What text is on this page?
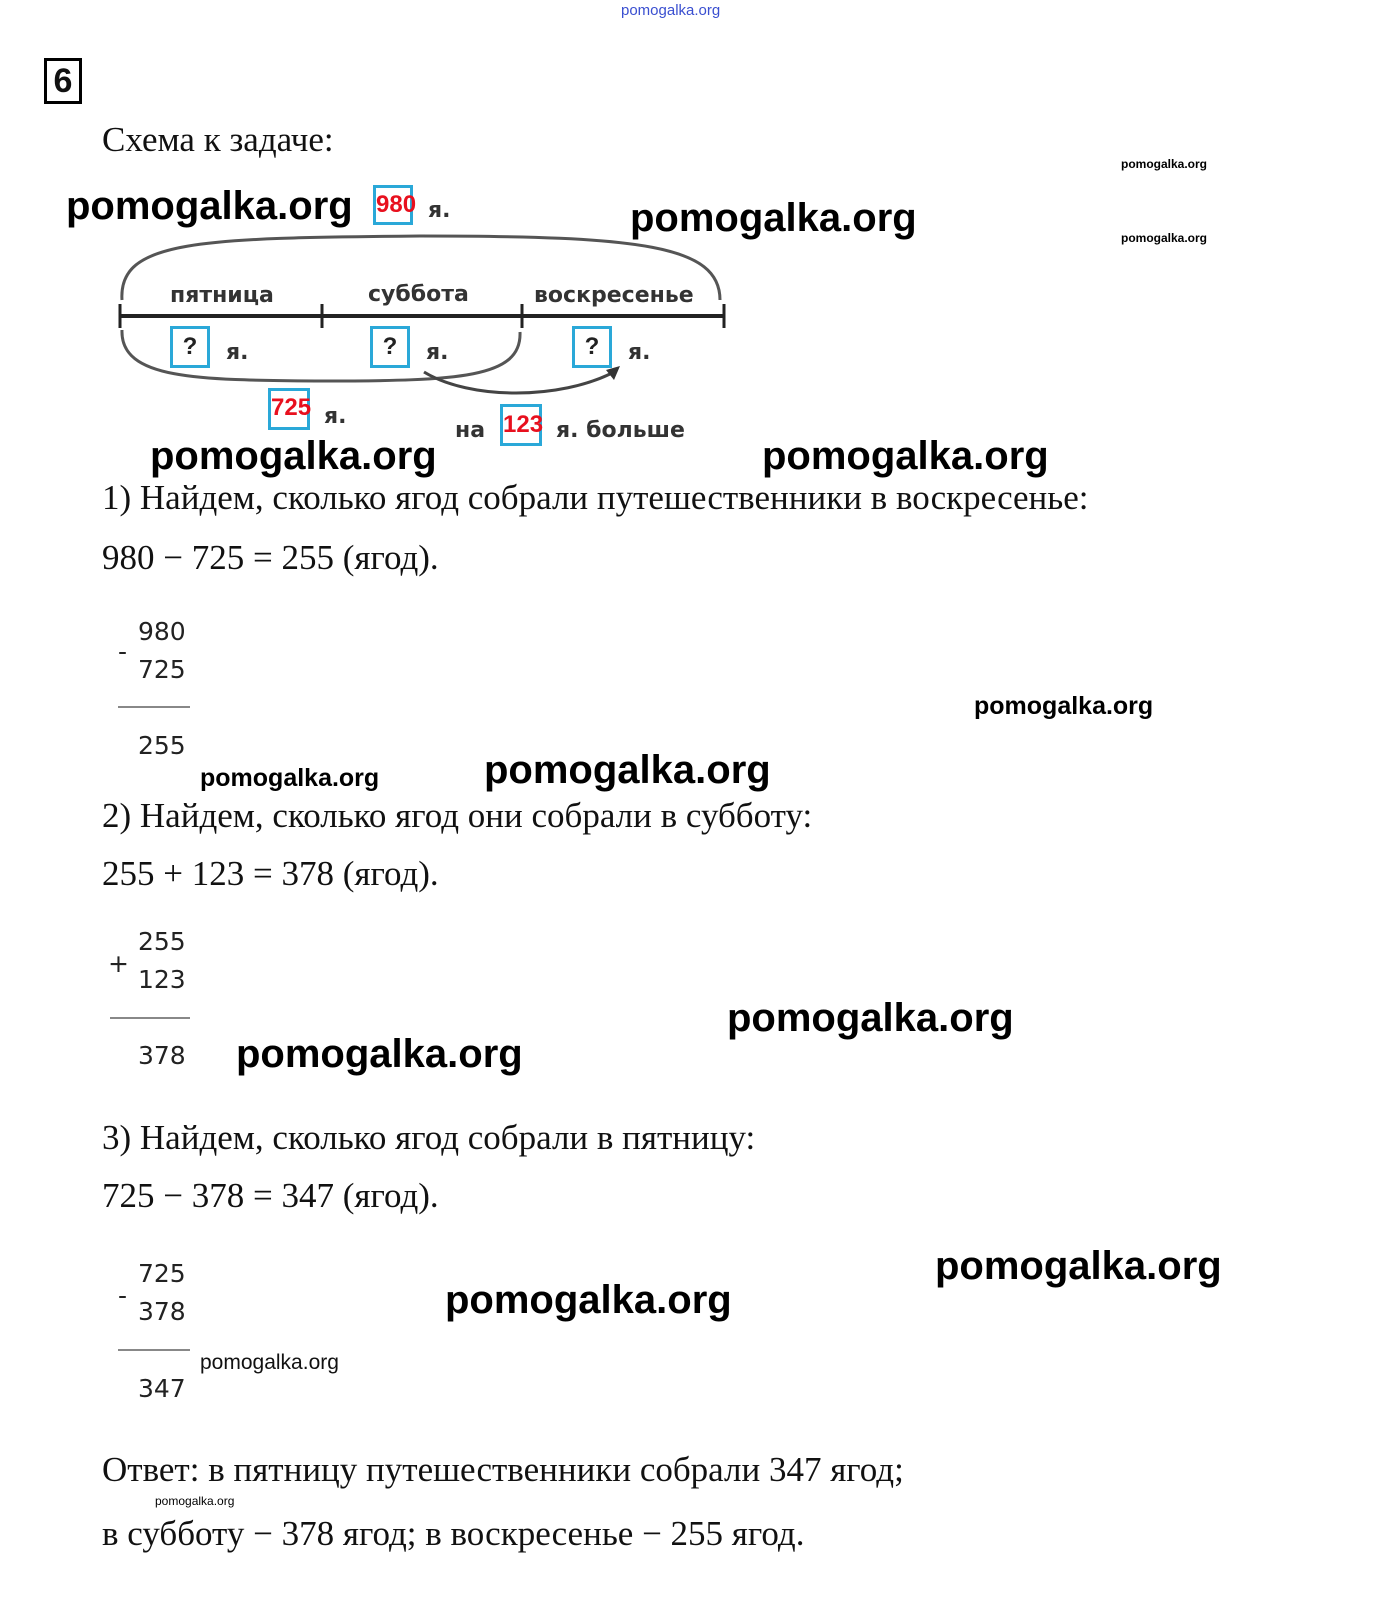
pomogalka.org
6
Схема к задаче:
pomogalka.org	pomogalka.org
pomogalka.org
pomogalka.org
980 я.
пятница	суббота	воскресенье
?	я.	?	я.	?	я.
725 я.
на 123 я. больше
pomogalka.org	pomogalka.org
1) Найдем, сколько ягод собрали путешественники в воскресенье:
980 − 725 = 255 (ягод).
-
980
725
255
pomogalka.org
pomogalka.org
pomogalka.org
2) Найдем, сколько ягод они собрали в субботу:
255 + 123 = 378 (ягод).
+
255
123
378 pomogalka.org
pomogalka.org
3) Найдем, сколько ягод собрали в пятницу:
725 − 378 = 347 (ягод).
-
725
378
347
pomogalka.org
pomogalka.org
pomogalka.org
Ответ: в пятницу путешественники собрали 347 ягод;
pomogalka.org
в субботу − 378 ягод; в воскресенье − 255 ягод.
